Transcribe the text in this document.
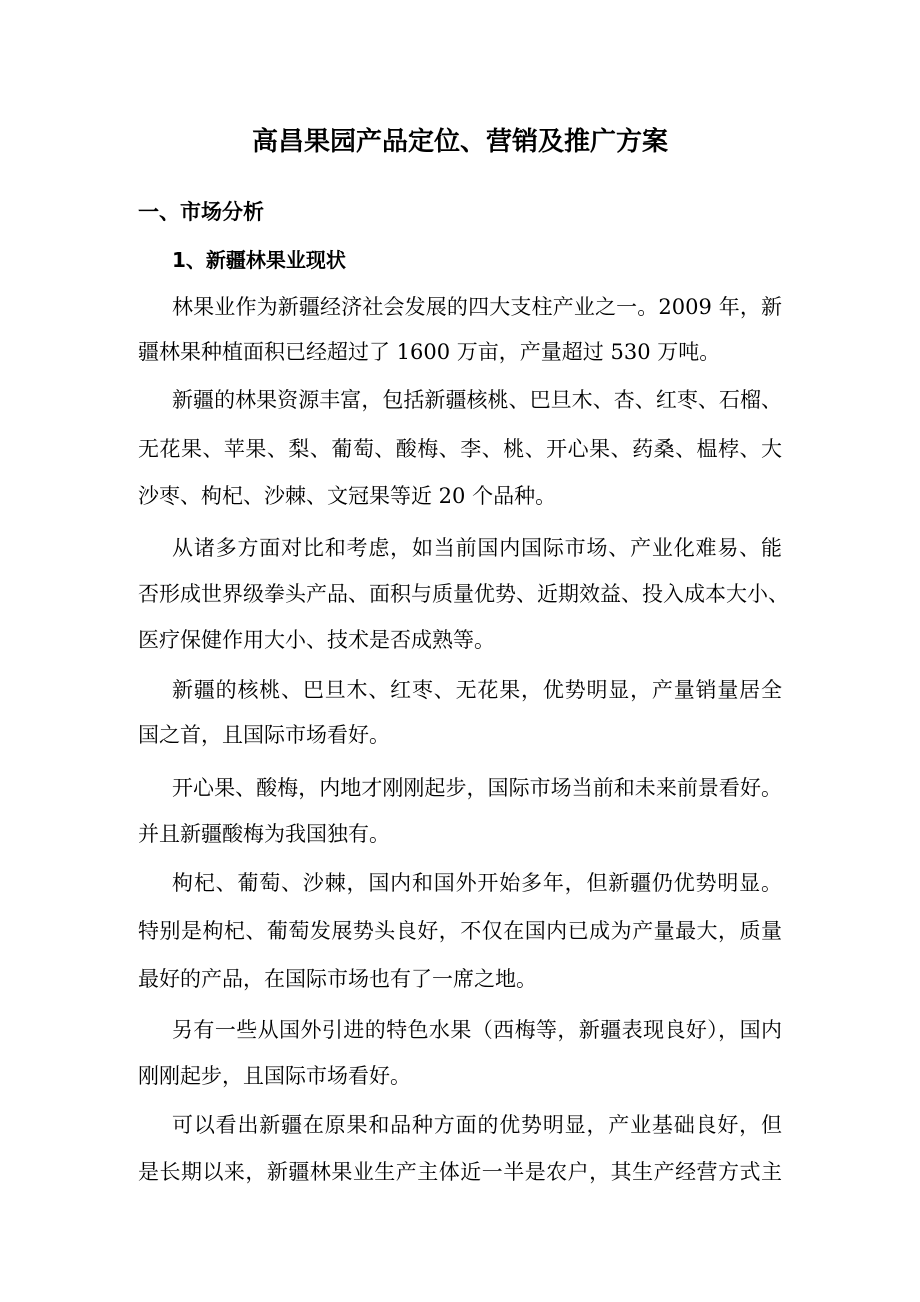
高昌果园产品定位、营销及推广方案
一、市场分析
1、新疆林果业现状
林果业作为新疆经济社会发展的四大支柱产业之一。2009 年，新
疆林果种植面积已经超过了 1600 万亩，产量超过 530 万吨。
新疆的林果资源丰富，包括新疆核桃、巴旦木、杏、红枣、石榴、
无花果、苹果、梨、葡萄、酸梅、李、桃、开心果、药桑、榅桲、大
沙枣、枸杞、沙棘、文冠果等近 20 个品种。
从诸多方面对比和考虑，如当前国内国际市场、产业化难易、能
否形成世界级拳头产品、面积与质量优势、近期效益、投入成本大小、
医疗保健作用大小、技术是否成熟等。
新疆的核桃、巴旦木、红枣、无花果，优势明显，产量销量居全
国之首，且国际市场看好。
开心果、酸梅，内地才刚刚起步，国际市场当前和未来前景看好。
并且新疆酸梅为我国独有。
枸杞、葡萄、沙棘，国内和国外开始多年，但新疆仍优势明显。
特别是枸杞、葡萄发展势头良好，不仅在国内已成为产量最大，质量
最好的产品，在国际市场也有了一席之地。
另有一些从国外引进的特色水果（西梅等，新疆表现良好），国内
刚刚起步，且国际市场看好。
可以看出新疆在原果和品种方面的优势明显，产业基础良好，但
是长期以来，新疆林果业生产主体近一半是农户，其生产经营方式主
